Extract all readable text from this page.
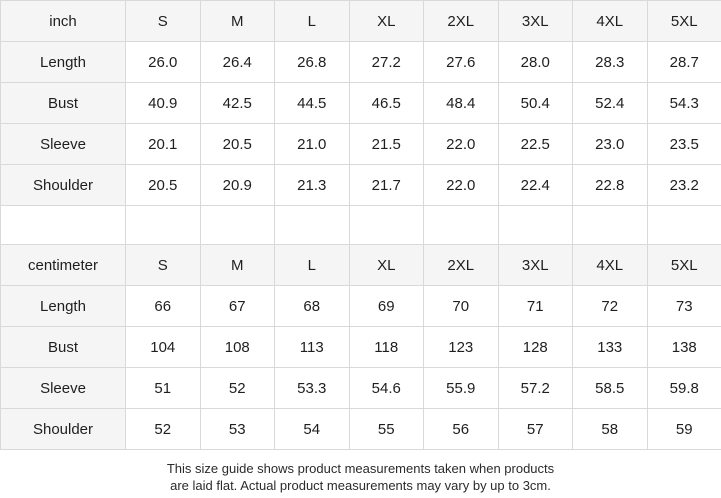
inch	S	M	L	XL	2XL	3XL	4XL	5XL
Length	26.0	26.4	26.8	27.2	27.6	28.0	28.3	28.7
Bust	40.9	42.5	44.5	46.5	48.4	50.4	52.4	54.3
Sleeve	20.1	20.5	21.0	21.5	22.0	22.5	23.0	23.5
Shoulder	20.5	20.9	21.3	21.7	22.0	22.4	22.8	23.2

centimeter	S	M	L	XL	2XL	3XL	4XL	5XL
Length	66	67	68	69	70	71	72	73
Bust	104	108	113	118	123	128	133	138
Sleeve	51	52	53.3	54.6	55.9	57.2	58.5	59.8
Shoulder	52	53	54	55	56	57	58	59
This size guide shows product measurements taken when products
are laid flat. Actual product measurements may vary by up to 3cm.
